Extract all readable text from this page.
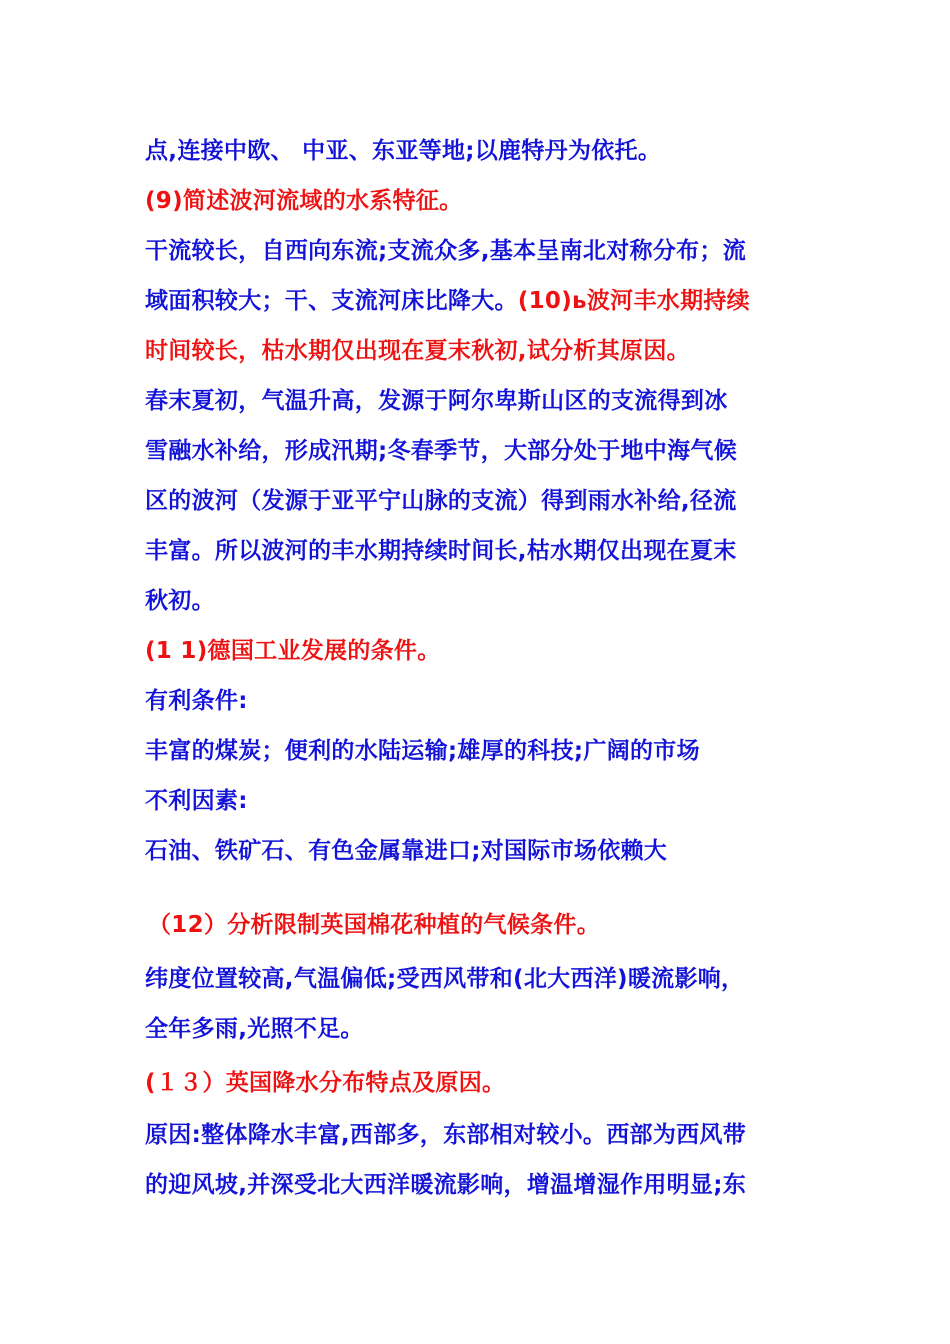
点,连接中欧、 中亚、东亚等地;以鹿特丹为依托。
(9)简述波河流域的水系特征。
干流较长，自西向东流;支流众多,基本呈南北对称分布；流
域面积较大；干、支流河床比降大。(10)ь波河丰水期持续
时间较长，枯水期仅出现在夏末秋初,试分析其原因。
春末夏初，气温升高，发源于阿尔卑斯山区的支流得到冰
雪融水补给，形成汛期;冬春季节，大部分处于地中海气候
区的波河（发源于亚平宁山脉的支流）得到雨水补给,径流
丰富。所以波河的丰水期持续时间长,枯水期仅出现在夏末
秋初。
(1 1)德国工业发展的条件。
有利条件:
丰富的煤炭；便利的水陆运输;雄厚的科技;广阔的市场
不利因素:
石油、铁矿石、有色金属靠进口;对国际市场依赖大
（12）分析限制英国棉花种植的气候条件。
纬度位置较高,气温偏低;受西风带和(北大西洋)暖流影响，
全年多雨,光照不足。
(１３）英国降水分布特点及原因。
原因:整体降水丰富,西部多，东部相对较小。西部为西风带
的迎风坡,并深受北大西洋暖流影响，增温增湿作用明显;东
